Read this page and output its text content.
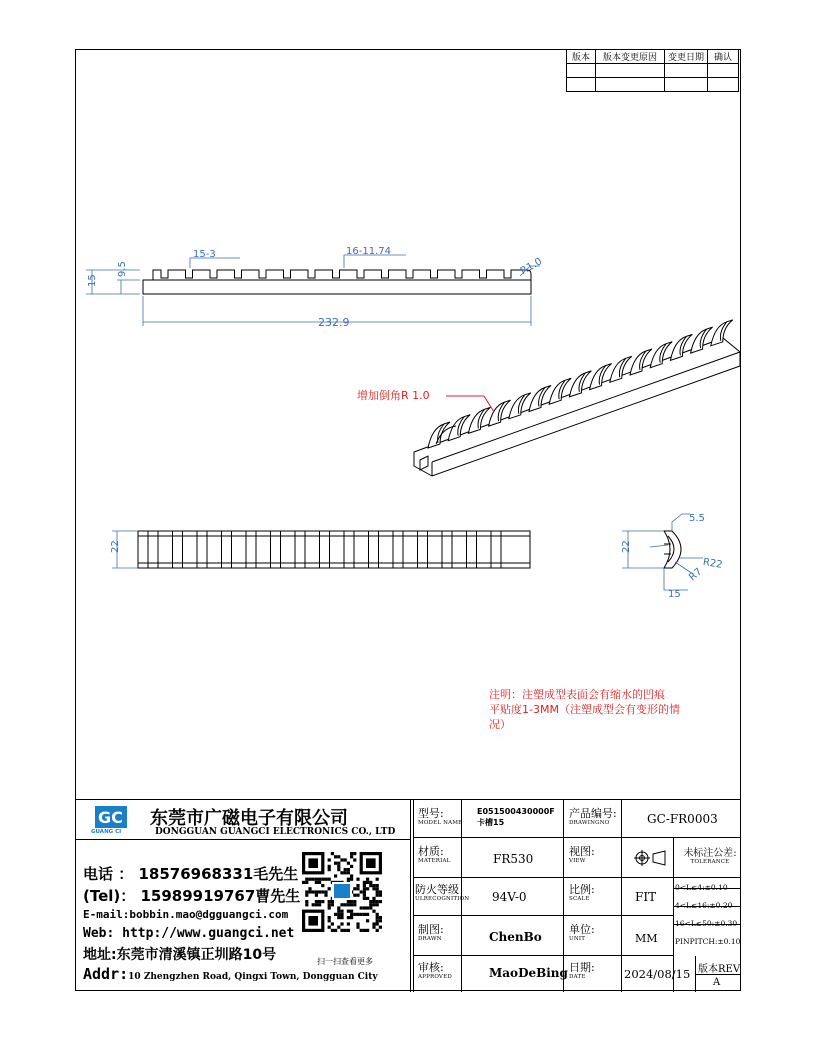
版本	版本变更原因	变更日期	确认

15
9.5
15-3	16-11.74
R1.0
232.9
增加倒角R 1.0
22	22
5.5
15
R22
R7
注明：注塑成型表面会有缩水的凹痕
平贴度1-3MM（注塑成型会有变形的情
况）
GC
GUANG CI
东莞市广磁电子有限公司
DONGGUAN GUANGCI ELECTRONICS CO., LTD
电话 ： 18576968331毛先生
(Tel)： 15989919767曹先生
E-mail:bobbin.mao@dgguangci.com
Web: http://www.guangci.net
地址:东莞市清溪镇正圳路10号
Addr:10 Zhengzhen Road, Qingxi Town, Dongguan City
扫一扫查看更多
型号:
MODEL NAME
E051500430000F卡槽15
产品编号:
DRAWINGNO	GC-FR0003
材质:
MATERIAL	FR530
视图:
VIEW
未标注公差:
TOLERANCE
防火等级
ULRECOGNITION 94V-0
比例:
SCALE	FIT
0<L≤4:±0.10
4<L≤16:±0.20
16<L≤50:±0.30
PINPITCH:±0.10
制图:
DRAWN	ChenBo
单位:
UNIT	MM
审核:
APPROVED	MaoDeBing 日期:
DATE	2024/08/15 版本REV
A
